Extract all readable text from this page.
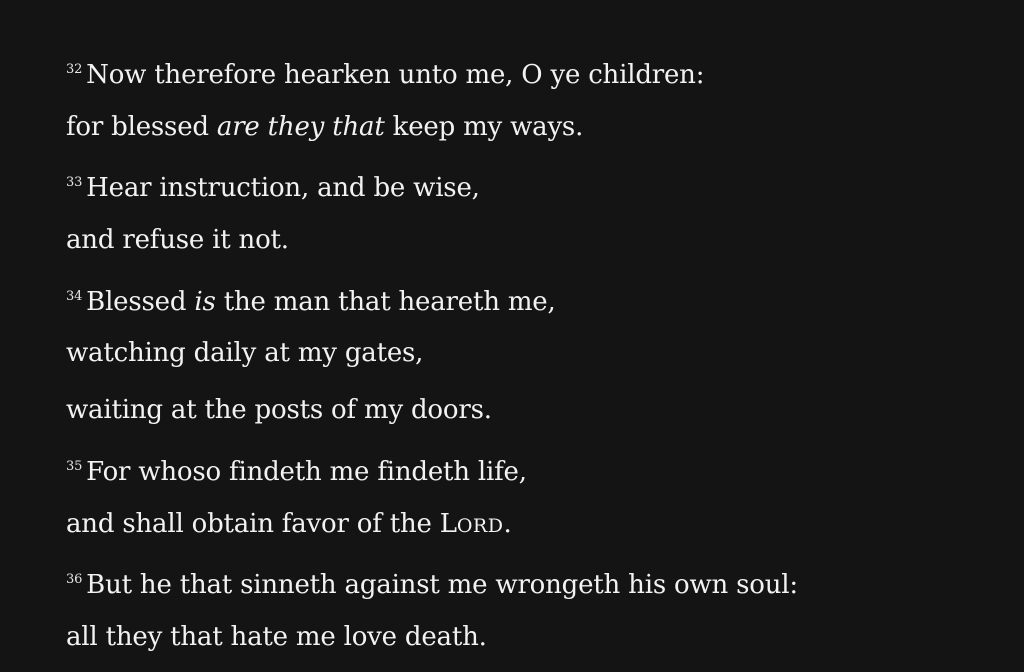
$^{32}$ Now therefore hearken unto me, O ye children:
for blessed are they that keep my ways.
$^{33}$ Hear instruction, and be wise,
and refuse it not.
$^{34}$ Blessed is the man that heareth me,
watching daily at my gates,
waiting at the posts of my doors.
$^{35}$ For whoso findeth me findeth life,
and shall obtain favor of the LORD.
$^{36}$ But he that sinneth against me wrongeth his own soul:
all they that hate me love death.
